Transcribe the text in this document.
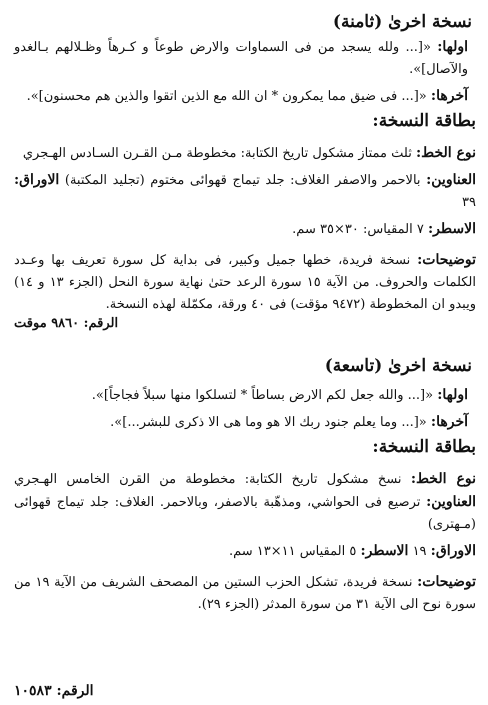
نسخة اخرىٰ (ثامنة)

اولها: «[... ولله يسجد من فى السماوات والارض طوعاً و كـرهاً وظـلالهم بـالغدو والآصال]».

آخرها: «[... فى ضيق مما يمكرون * ان الله مع الذين اتقوا والذين هم محسنون]».

بطاقة النسخة:

نوع الخط: ثلث ممتاز مشكول تاريخ الكتابة: مخطوطة مـن القـرن السـادس الهـجري

العناوين: بالاحمر والاصفر الغلاف: جلد تيماج قهوائى مختوم (تجليد المكتبة) الاوراق: ٣٩

الاسطر: ٧ المقياس: ٣٠×٣٥ سم.

توضيحات: نسخة فريدة، خطها جميل وكبير، فى بداية كل سورة تعريف بها وعـدد الكلمات والحروف. من الآية ١٥ سورة الرعد حتىٰ نهاية سورة النحل (الجزء ١٣ و ١٤) ويبدو ان المخطوطة (٩٤٧٢ مؤقت) فى ٤٠ ورقة، مكمّلة لهذه النسخة.

الرقم: ٩٨٦٠ موقت
نسخة اخرىٰ (تاسعة)

اولها: «[... والله جعل لكم الارض بساطاً * لتسلكوا منها سبلاً فجاجاً]».

آخرها: «[... وما يعلم جنود ربك الا هو وما هى الا ذكرى للبشر...]».

بطاقة النسخة:

نوع الخط: نسخ مشكول تاريخ الكتابة: مخطوطة من القرن الخامس الهـجري العناوين: ترصيع فى الحواشي، ومذهّبة بالاصفر، وبالاحمر. الغلاف: جلد تيماج قهوائى (مـهترى)

الاوراق: ١٩ الاسطر: ٥ المقياس ١١×١٣ سم.

توضيحات: نسخة فريدة، تشكل الحزب الستين من المصحف الشريف من الآية ١٩ من سورة نوح الى الآية ٣١ من سورة المدثر (الجزء ٢٩).

الرقم: ١٠٥٨٣
